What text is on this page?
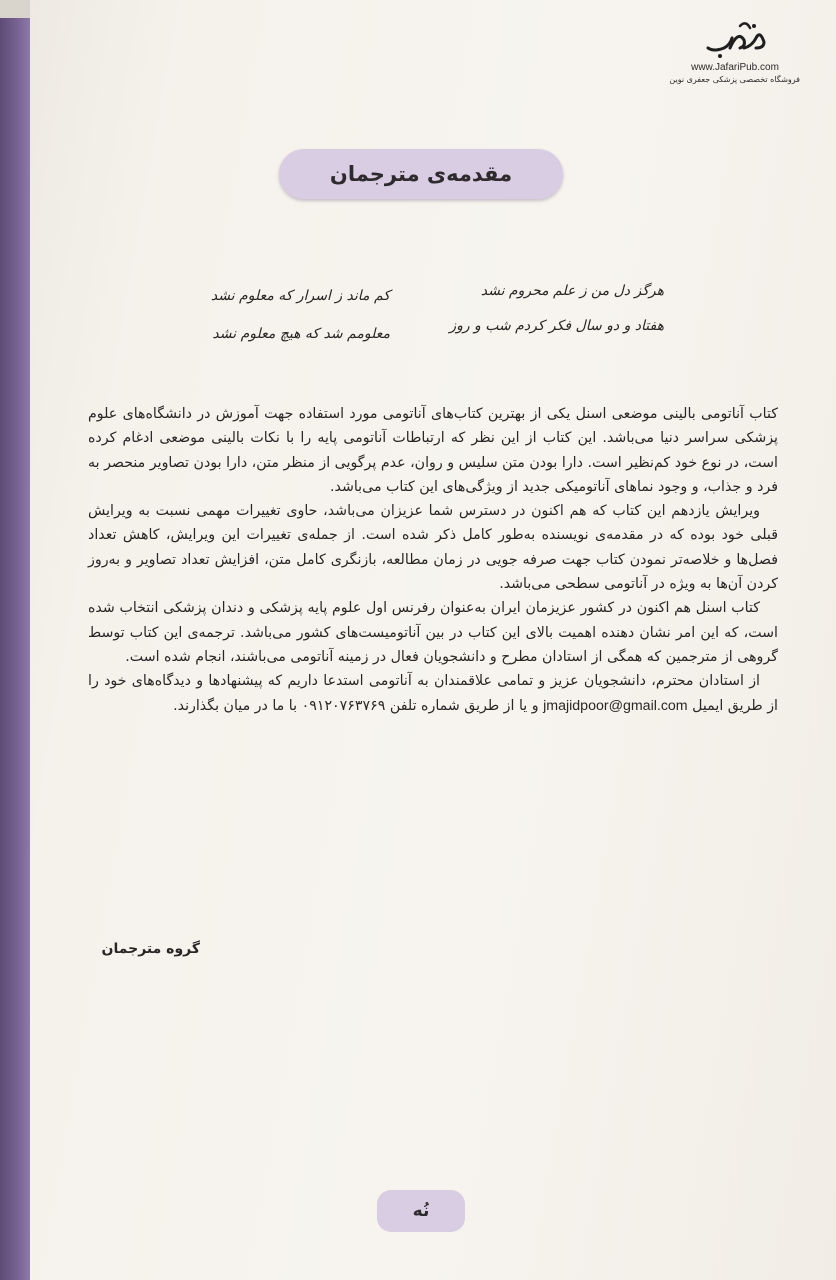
www.JafariPub.com
فروشگاه تخصصی پزشکی جعفری نوین
مقدمه‌ی مترجمان
هرگز دل من ز علم محروم نشد
کم ماند ز اسرار که معلوم نشد
هفتاد و دو سال فکر کردم شب و روز
معلومم شد که هیچ معلوم نشد

کتاب آناتومی بالینی موضعی اسنل یکی از بهترین کتاب‌های آناتومی مورد استفاده جهت آموزش در دانشگاه‌های علوم پزشکی سراسر دنیا می‌باشد. این کتاب از این نظر که ارتباطات آناتومی پایه را با نکات بالینی موضعی ادغام کرده است، در نوع خود کم‌نظیر است. دارا بودن متن سلیس و روان، عدم پرگویی از منظر متن، دارا بودن تصاویر منحصر به فرد و جذاب، و وجود نماهای آناتومیکی جدید از ویژگی‌های این کتاب می‌باشد.

ویرایش یازدهم این کتاب که هم اکنون در دسترس شما عزیزان می‌باشد، حاوی تغییرات مهمی نسبت به ویرایش قبلی خود بوده که در مقدمه‌ی نویسنده به‌طور کامل ذکر شده است. از جمله‌ی تغییرات این ویرایش، کاهش تعداد فصل‌ها و خلاصه‌تر نمودن کتاب جهت صرفه جویی در زمان مطالعه، بازنگری کامل متن، افزایش تعداد تصاویر و به‌روز کردن آن‌ها به ویژه در آناتومی سطحی می‌باشد.

کتاب اسنل هم اکنون در کشور عزیزمان ایران به‌عنوان رفرنس اول علوم پایه پزشکی و دندان پزشکی انتخاب شده است، که این امر نشان دهنده اهمیت بالای این کتاب در بین آناتومیست‌های کشور می‌باشد. ترجمه‌ی این کتاب توسط گروهی از مترجمین که همگی از استادان مطرح و دانشجویان فعال در زمینه آناتومی می‌باشند، انجام شده است.

از استادان محترم، دانشجویان عزیز و تمامی علاقمندان به آناتومی استدعا داریم که پیشنهادها و دیدگاه‌های خود را از طریق ایمیل jmajidpoor@gmail.com و یا از طریق شماره تلفن ۰۹۱۲۰۷۶۳۷۶۹ با ما در میان بگذارند.

گروه مترجمان
نُه
